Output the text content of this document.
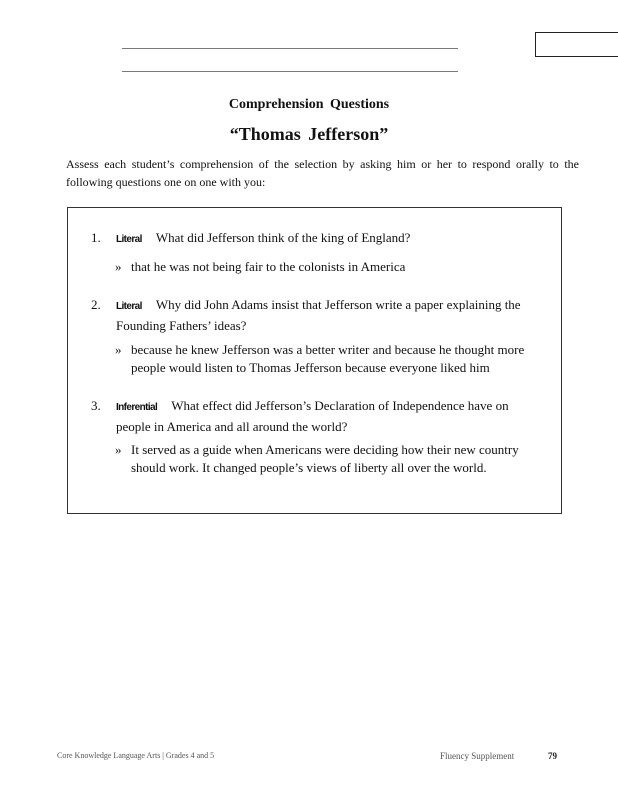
Comprehension Questions
“Thomas Jefferson”
Assess each student’s comprehension of the selection by asking him or her to respond orally to the following questions one on one with you:
1. Literal What did Jefferson think of the king of England?
» that he was not being fair to the colonists in America
2. Literal Why did John Adams insist that Jefferson write a paper explaining the Founding Fathers’ ideas?
» because he knew Jefferson was a better writer and because he thought more people would listen to Thomas Jefferson because everyone liked him
3. Inferential What effect did Jefferson’s Declaration of Independence have on people in America and all around the world?
» It served as a guide when Americans were deciding how their new country should work. It changed people’s views of liberty all over the world.
Core Knowledge Language Arts | Grades 4 and 5	Fluency Supplement	79
